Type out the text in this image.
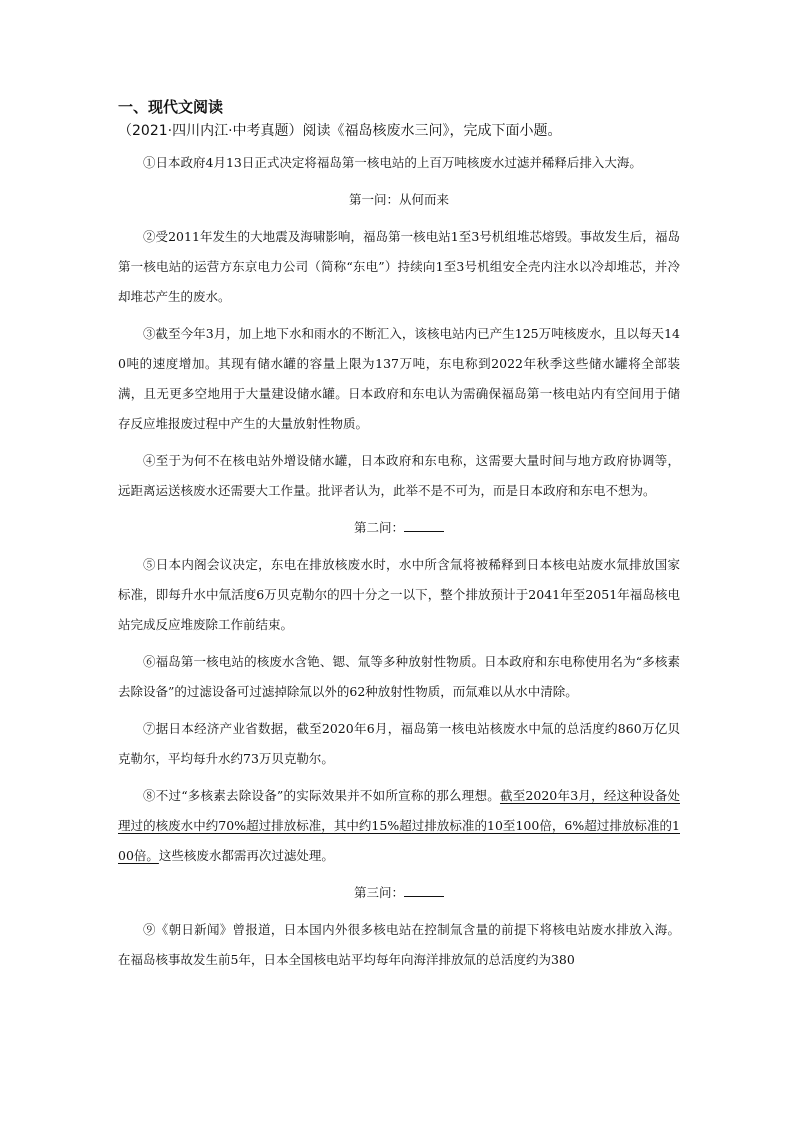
一、现代文阅读
（2021·四川内江·中考真题）阅读《福岛核废水三问》，完成下面小题。

①日本政府4月13日正式决定将福岛第一核电站的上百万吨核废水过滤并稀释后排入大海。

第一问：从何而来

②受2011年发生的大地震及海啸影响，福岛第一核电站1至3号机组堆芯熔毁。事故发生后，福岛第一核电站的运营方东京电力公司（简称“东电”）持续向1至3号机组安全壳内注水以冷却堆芯，并冷却堆芯产生的废水。

③截至今年3月，加上地下水和雨水的不断汇入，该核电站内已产生125万吨核废水，且以每天140吨的速度增加。其现有储水罐的容量上限为137万吨，东电称到2022年秋季这些储水罐将全部装满，且无更多空地用于大量建设储水罐。日本政府和东电认为需确保福岛第一核电站内有空间用于储存反应堆报废过程中产生的大量放射性物质。

④至于为何不在核电站外增设储水罐，日本政府和东电称，这需要大量时间与地方政府协调等，远距离运送核废水还需要大工作量。批评者认为，此举不是不可为，而是日本政府和东电不想为。

第二问：

⑤日本内阁会议决定，东电在排放核废水时，水中所含氚将被稀释到日本核电站废水氚排放国家标准，即每升水中氚活度6万贝克勒尔的四十分之一以下，整个排放预计于2041年至2051年福岛核电站完成反应堆废除工作前结束。

⑥福岛第一核电站的核废水含铯、锶、氚等多种放射性物质。日本政府和东电称使用名为“多核素去除设备”的过滤设备可过滤掉除氚以外的62种放射性物质，而氚难以从水中清除。

⑦据日本经济产业省数据，截至2020年6月，福岛第一核电站核废水中氚的总活度约860万亿贝克勒尔，平均每升水约73万贝克勒尔。

⑧不过“多核素去除设备”的实际效果并不如所宣称的那么理想。截至2020年3月，经这种设备处理过的核废水中约70%超过排放标准，其中约15%超过排放标准的10至100倍，6%超过排放标准的100倍。这些核废水都需再次过滤处理。

第三问：

⑨《朝日新闻》曾报道，日本国内外很多核电站在控制氚含量的前提下将核电站废水排放入海。在福岛核事故发生前5年，日本全国核电站平均每年向海洋排放氚的总活度约为380
